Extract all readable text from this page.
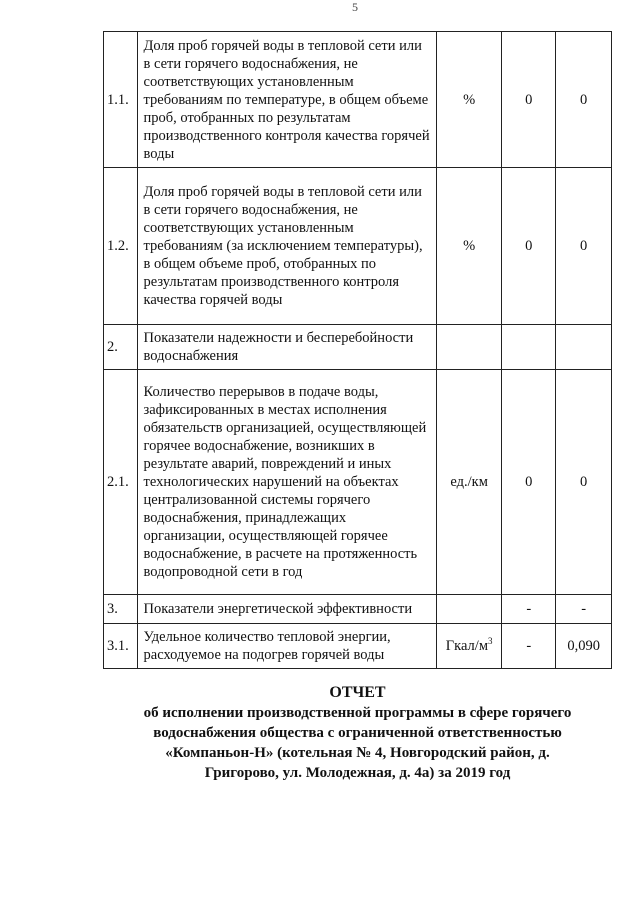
5
1.1.	Доля проб горячей воды в тепловой сети или в сети горячего водоснабжения, не соответствующих установленным требованиям по температуре, в общем объеме проб, отобранных по результатам производственного контроля качества горячей воды	%	0	0
1.2.	Доля проб горячей воды в тепловой сети или в сети горячего водоснабжения, не соответствующих установленным требованиям (за исключением температуры), в общем объеме проб, отобранных по результатам производственного контроля качества горячей воды	%	0	0
2.	Показатели надежности и бесперебойности водоснабжения			
2.1.	Количество перерывов в подаче воды, зафиксированных в местах исполнения обязательств организацией, осуществляющей горячее водоснабжение, возникших в результате аварий, повреждений и иных технологических нарушений на объектах централизованной системы горячего водоснабжения, принадлежащих организации, осуществляющей горячее водоснабжение, в расчете на протяженность водопроводной сети в год	ед./км	0	0
3.	Показатели энергетической эффективности		-	-
3.1.	Удельное количество тепловой энергии, расходуемое на подогрев горячей воды	Гкал/$м^3$	-	0,090
ОТЧЕТ
об исполнении производственной программы в сфере горячего
водоснабжения общества с ограниченной ответственностью
«Компаньон-Н» (котельная № 4, Новгородский район, д.
Григорово, ул. Молодежная, д. 4а) за 2019 год
